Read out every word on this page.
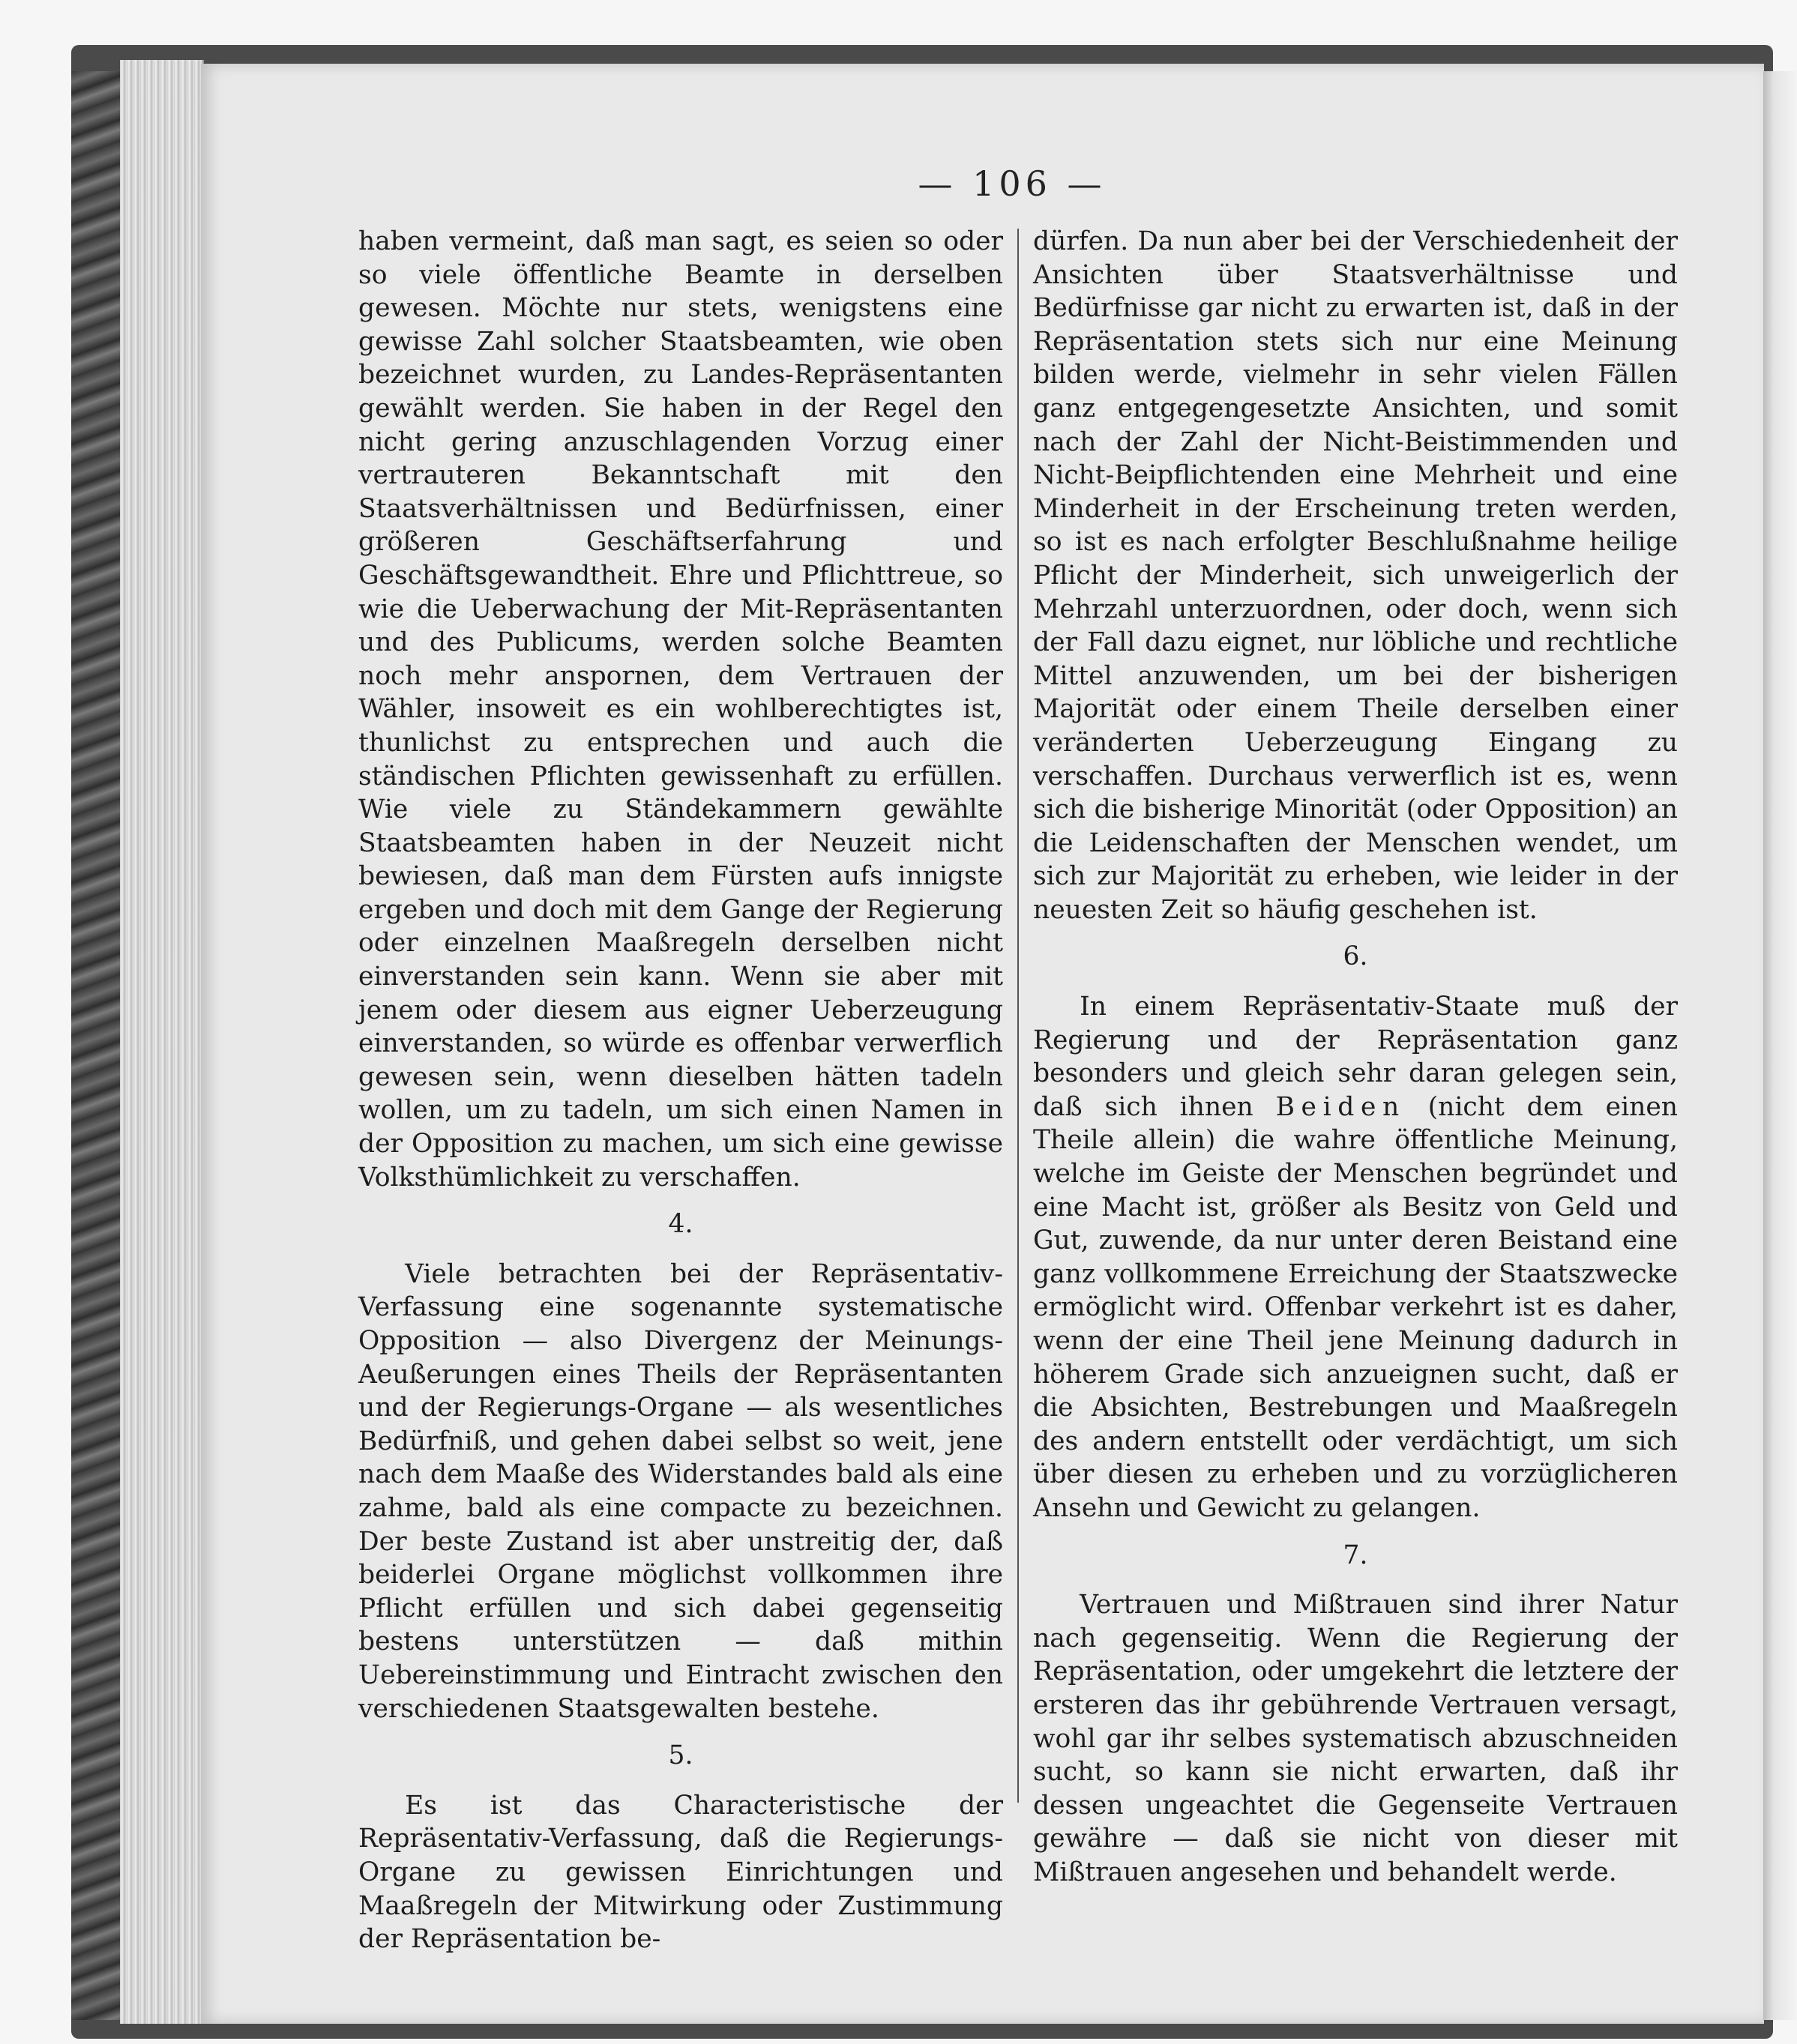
— 106 —

haben vermeint, daß man sagt, es seien so oder so viele öffentliche Beamte in derselben gewesen. Möchte nur stets, wenigstens eine gewisse Zahl solcher Staatsbeamten, wie oben bezeichnet wurden, zu Landes-Repräsentanten gewählt werden. Sie haben in der Regel den nicht gering anzuschlagenden Vorzug einer vertrauteren Bekanntschaft mit den Staatsverhältnissen und Bedürfnissen, einer größeren Geschäftserfahrung und Geschäftsgewandtheit. Ehre und Pflichttreue, so wie die Ueberwachung der Mit-Repräsentanten und des Publicums, werden solche Beamten noch mehr anspornen, dem Vertrauen der Wähler, insoweit es ein wohlberechtigtes ist, thunlichst zu entsprechen und auch die ständischen Pflichten gewissenhaft zu erfüllen. Wie viele zu Ständekammern gewählte Staatsbeamten haben in der Neuzeit nicht bewiesen, daß man dem Fürsten aufs innigste ergeben und doch mit dem Gange der Regierung oder einzelnen Maaßregeln derselben nicht einverstanden sein kann. Wenn sie aber mit jenem oder diesem aus eigner Ueberzeugung einverstanden, so würde es offenbar verwerflich gewesen sein, wenn dieselben hätten tadeln wollen, um zu tadeln, um sich einen Namen in der Opposition zu machen, um sich eine gewisse Volksthümlichkeit zu verschaffen.

4.

Viele betrachten bei der Repräsentativ-Verfassung eine sogenannte systematische Opposition — also Divergenz der Meinungs-Aeußerungen eines Theils der Repräsentanten und der Regierungs-Organe — als wesentliches Bedürfniß, und gehen dabei selbst so weit, jene nach dem Maaße des Widerstandes bald als eine zahme, bald als eine compacte zu bezeichnen. Der beste Zustand ist aber unstreitig der, daß beiderlei Organe möglichst vollkommen ihre Pflicht erfüllen und sich dabei gegenseitig bestens unterstützen — daß mithin Uebereinstimmung und Eintracht zwischen den verschiedenen Staatsgewalten bestehe.

5.

Es ist das Characteristische der Repräsentativ-Verfassung, daß die Regierungs-Organe zu gewissen Einrichtungen und Maaßregeln der Mitwirkung oder Zustimmung der Repräsentation be-

dürfen. Da nun aber bei der Verschiedenheit der Ansichten über Staatsverhältnisse und Bedürfnisse gar nicht zu erwarten ist, daß in der Repräsentation stets sich nur eine Meinung bilden werde, vielmehr in sehr vielen Fällen ganz entgegengesetzte Ansichten, und somit nach der Zahl der Nicht-Beistimmenden und Nicht-Beipflichtenden eine Mehrheit und eine Minderheit in der Erscheinung treten werden, so ist es nach erfolgter Beschlußnahme heilige Pflicht der Minderheit, sich unweigerlich der Mehrzahl unterzuordnen, oder doch, wenn sich der Fall dazu eignet, nur löbliche und rechtliche Mittel anzuwenden, um bei der bisherigen Majorität oder einem Theile derselben einer veränderten Ueberzeugung Eingang zu verschaffen. Durchaus verwerflich ist es, wenn sich die bisherige Minorität (oder Opposition) an die Leidenschaften der Menschen wendet, um sich zur Majorität zu erheben, wie leider in der neuesten Zeit so häufig geschehen ist.

6.

In einem Repräsentativ-Staate muß der Regierung und der Repräsentation ganz besonders und gleich sehr daran gelegen sein, daß sich ihnen Beiden (nicht dem einen Theile allein) die wahre öffentliche Meinung, welche im Geiste der Menschen begründet und eine Macht ist, größer als Besitz von Geld und Gut, zuwende, da nur unter deren Beistand eine ganz vollkommene Erreichung der Staatszwecke ermöglicht wird. Offenbar verkehrt ist es daher, wenn der eine Theil jene Meinung dadurch in höherem Grade sich anzueignen sucht, daß er die Absichten, Bestrebungen und Maaßregeln des andern entstellt oder verdächtigt, um sich über diesen zu erheben und zu vorzüglicheren Ansehn und Gewicht zu gelangen.

7.

Vertrauen und Mißtrauen sind ihrer Natur nach gegenseitig. Wenn die Regierung der Repräsentation, oder umgekehrt die letztere der ersteren das ihr gebührende Vertrauen versagt, wohl gar ihr selbes systematisch abzuschneiden sucht, so kann sie nicht erwarten, daß ihr dessen ungeachtet die Gegenseite Vertrauen gewähre — daß sie nicht von dieser mit Mißtrauen angesehen und behandelt werde.
